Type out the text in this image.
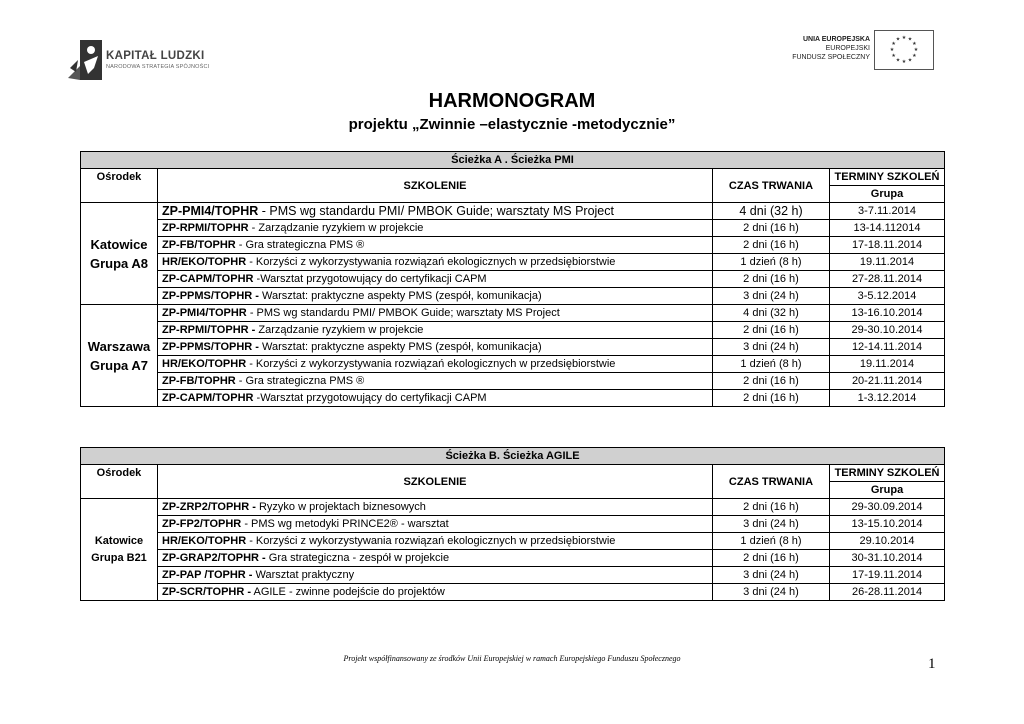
KAPITAŁ LUDZKI
NARODOWA STRATEGIA SPÓJNOŚCI
UNIA EUROPEJSKA
EUROPEJSKI
FUNDUSZ SPOŁECZNY
★ ★
★
★
★
★
★
★
★
★
★
★
HARMONOGRAM
projektu „Zwinnie –elastycznie -metodycznie”
Ścieżka A . Ścieżka PMI			
Ośrodek	SZKOLENIE	CZAS TRWANIA	TERMINY SZKOLEŃ
			Grupa
Katowice
Grupa A8	ZP-PMI4/TOPHR - PMS wg standardu PMI/ PMBOK Guide; warsztaty MS Project	4 dni (32 h)	3-7.11.2014
	ZP-RPMI/TOPHR - Zarządzanie ryzykiem w projekcie	2 dni (16 h)	13-14.112014
	ZP-FB/TOPHR - Gra strategiczna PMS ®	2 dni (16 h)	17-18.11.2014
	HR/EKO/TOPHR - Korzyści z wykorzystywania rozwiązań ekologicznych w przedsiębiorstwie	1 dzień (8 h)	19.11.2014
	ZP-CAPM/TOPHR -Warsztat przygotowujący do certyfikacji CAPM	2 dni (16 h)	27-28.11.2014
	ZP-PPMS/TOPHR - Warsztat: praktyczne aspekty PMS (zespół, komunikacja)	3 dni (24 h)	3-5.12.2014
Warszawa
Grupa A7	ZP-PMI4/TOPHR - PMS wg standardu PMI/ PMBOK Guide; warsztaty MS Project	4 dni (32 h)	13-16.10.2014
	ZP-RPMI/TOPHR - Zarządzanie ryzykiem w projekcie	2 dni (16 h)	29-30.10.2014
	ZP-PPMS/TOPHR - Warsztat: praktyczne aspekty PMS (zespół, komunikacja)	3 dni (24 h)	12-14.11.2014
	HR/EKO/TOPHR - Korzyści z wykorzystywania rozwiązań ekologicznych w przedsiębiorstwie	1 dzień (8 h)	19.11.2014
	ZP-FB/TOPHR - Gra strategiczna PMS ®	2 dni (16 h)	20-21.11.2014
	ZP-CAPM/TOPHR -Warsztat przygotowujący do certyfikacji CAPM	2 dni (16 h)	1-3.12.2014
Ścieżka B. Ścieżka AGILE			
Ośrodek	SZKOLENIE	CZAS TRWANIA	TERMINY SZKOLEŃ
			Grupa
Katowice
Grupa B21	ZP-ZRP2/TOPHR - Ryzyko w projektach biznesowych	2 dni (16 h)	29-30.09.2014
	ZP-FP2/TOPHR - PMS wg metodyki PRINCE2® - warsztat	3 dni (24 h)	13-15.10.2014
	HR/EKO/TOPHR - Korzyści z wykorzystywania rozwiązań ekologicznych w przedsiębiorstwie	1 dzień (8 h)	29.10.2014
	ZP-GRAP2/TOPHR - Gra strategiczna - zespół w projekcie	2 dni (16 h)	30-31.10.2014
	ZP-PAP /TOPHR - Warsztat praktyczny	3 dni (24 h)	17-19.11.2014
	ZP-SCR/TOPHR - AGILE - zwinne podejście do projektów	3 dni (24 h)	26-28.11.2014
Projekt współfinansowany ze środków Unii Europejskiej w ramach Europejskiego Funduszu Społecznego	1
